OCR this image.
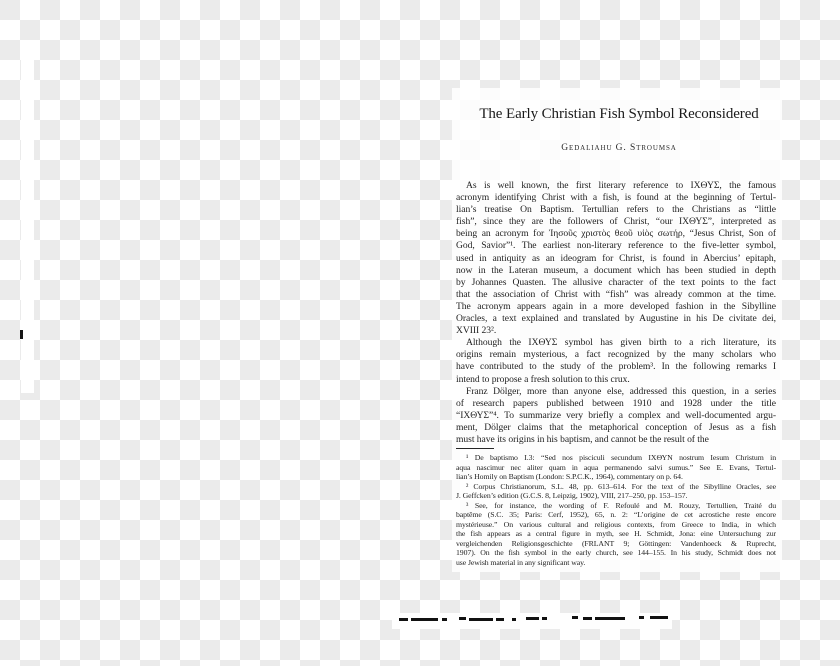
The Early Christian Fish Symbol Reconsidered
Gedaliahu G. Stroumsa
As is well known, the first literary reference to ΙΧΘΥΣ, the famous
acronym identifying Christ with a fish, is found at the beginning of Tertul-
lian’s treatise On Baptism. Tertullian refers to the Christians as “little
fish”, since they are the followers of Christ, “our ΙΧΘΥΣ”, interpreted as
being an acronym for Ἰησοῦς χριστὸς θεοῦ υἱὸς σωτήρ, “Jesus Christ, Son of
God, Savior”¹. The earliest non-literary reference to the five-letter symbol,
used in antiquity as an ideogram for Christ, is found in Abercius’ epitaph,
now in the Lateran museum, a document which has been studied in depth
by Johannes Quasten. The allusive character of the text points to the fact
that the association of Christ with “fish” was already common at the time.
The acronym appears again in a more developed fashion in the Sibylline
Oracles, a text explained and translated by Augustine in his De civitate dei,
XVIII 23².
Although the ΙΧΘΥΣ symbol has given birth to a rich literature, its
origins remain mysterious, a fact recognized by the many scholars who
have contributed to the study of the problem³. In the following remarks I
intend to propose a fresh solution to this crux.
Franz Dölger, more than anyone else, addressed this question, in a series
of research papers published between 1910 and 1928 under the title
“ΙΧΘΥΣ”⁴. To summarize very briefly a complex and well-documented argu-
ment, Dölger claims that the metaphorical conception of Jesus as a fish
must have its origins in his baptism, and cannot be the result of the
¹ De baptismo I.3: “Sed nos pisciculi secundum ΙΧΘΥΝ nostrum Iesum Christum in
aqua nascimur nec aliter quam in aqua permanendo salvi sumus.” See E. Evans, Tertul-
lian’s Homily on Baptism (London: S.P.C.K., 1964), commentary on p. 64.
² Corpus Christianorum, S.L. 48, pp. 613–614. For the text of the Sibylline Oracles, see
J. Geffcken’s edition (G.C.S. 8, Leipzig, 1902), VIII, 217–250, pp. 153–157.
³ See, for instance, the wording of F. Refoulé and M. Rouzy, Tertullien, Traité du
baptême (S.C. 35; Paris: Cerf, 1952), 65, n. 2: “L’origine de cet acrostiche reste encore
mystérieuse.” On various cultural and religious contexts, from Greece to India, in which
the fish appears as a central figure in myth, see H. Schmidt, Jona: eine Untersuchung zur
vergleichenden Religionsgeschichte (FRLANT 9; Göttingen: Vandenhoeck & Ruprecht,
1907). On the fish symbol in the early church, see 144–155. In his study, Schmidt does not
use Jewish material in any significant way.
